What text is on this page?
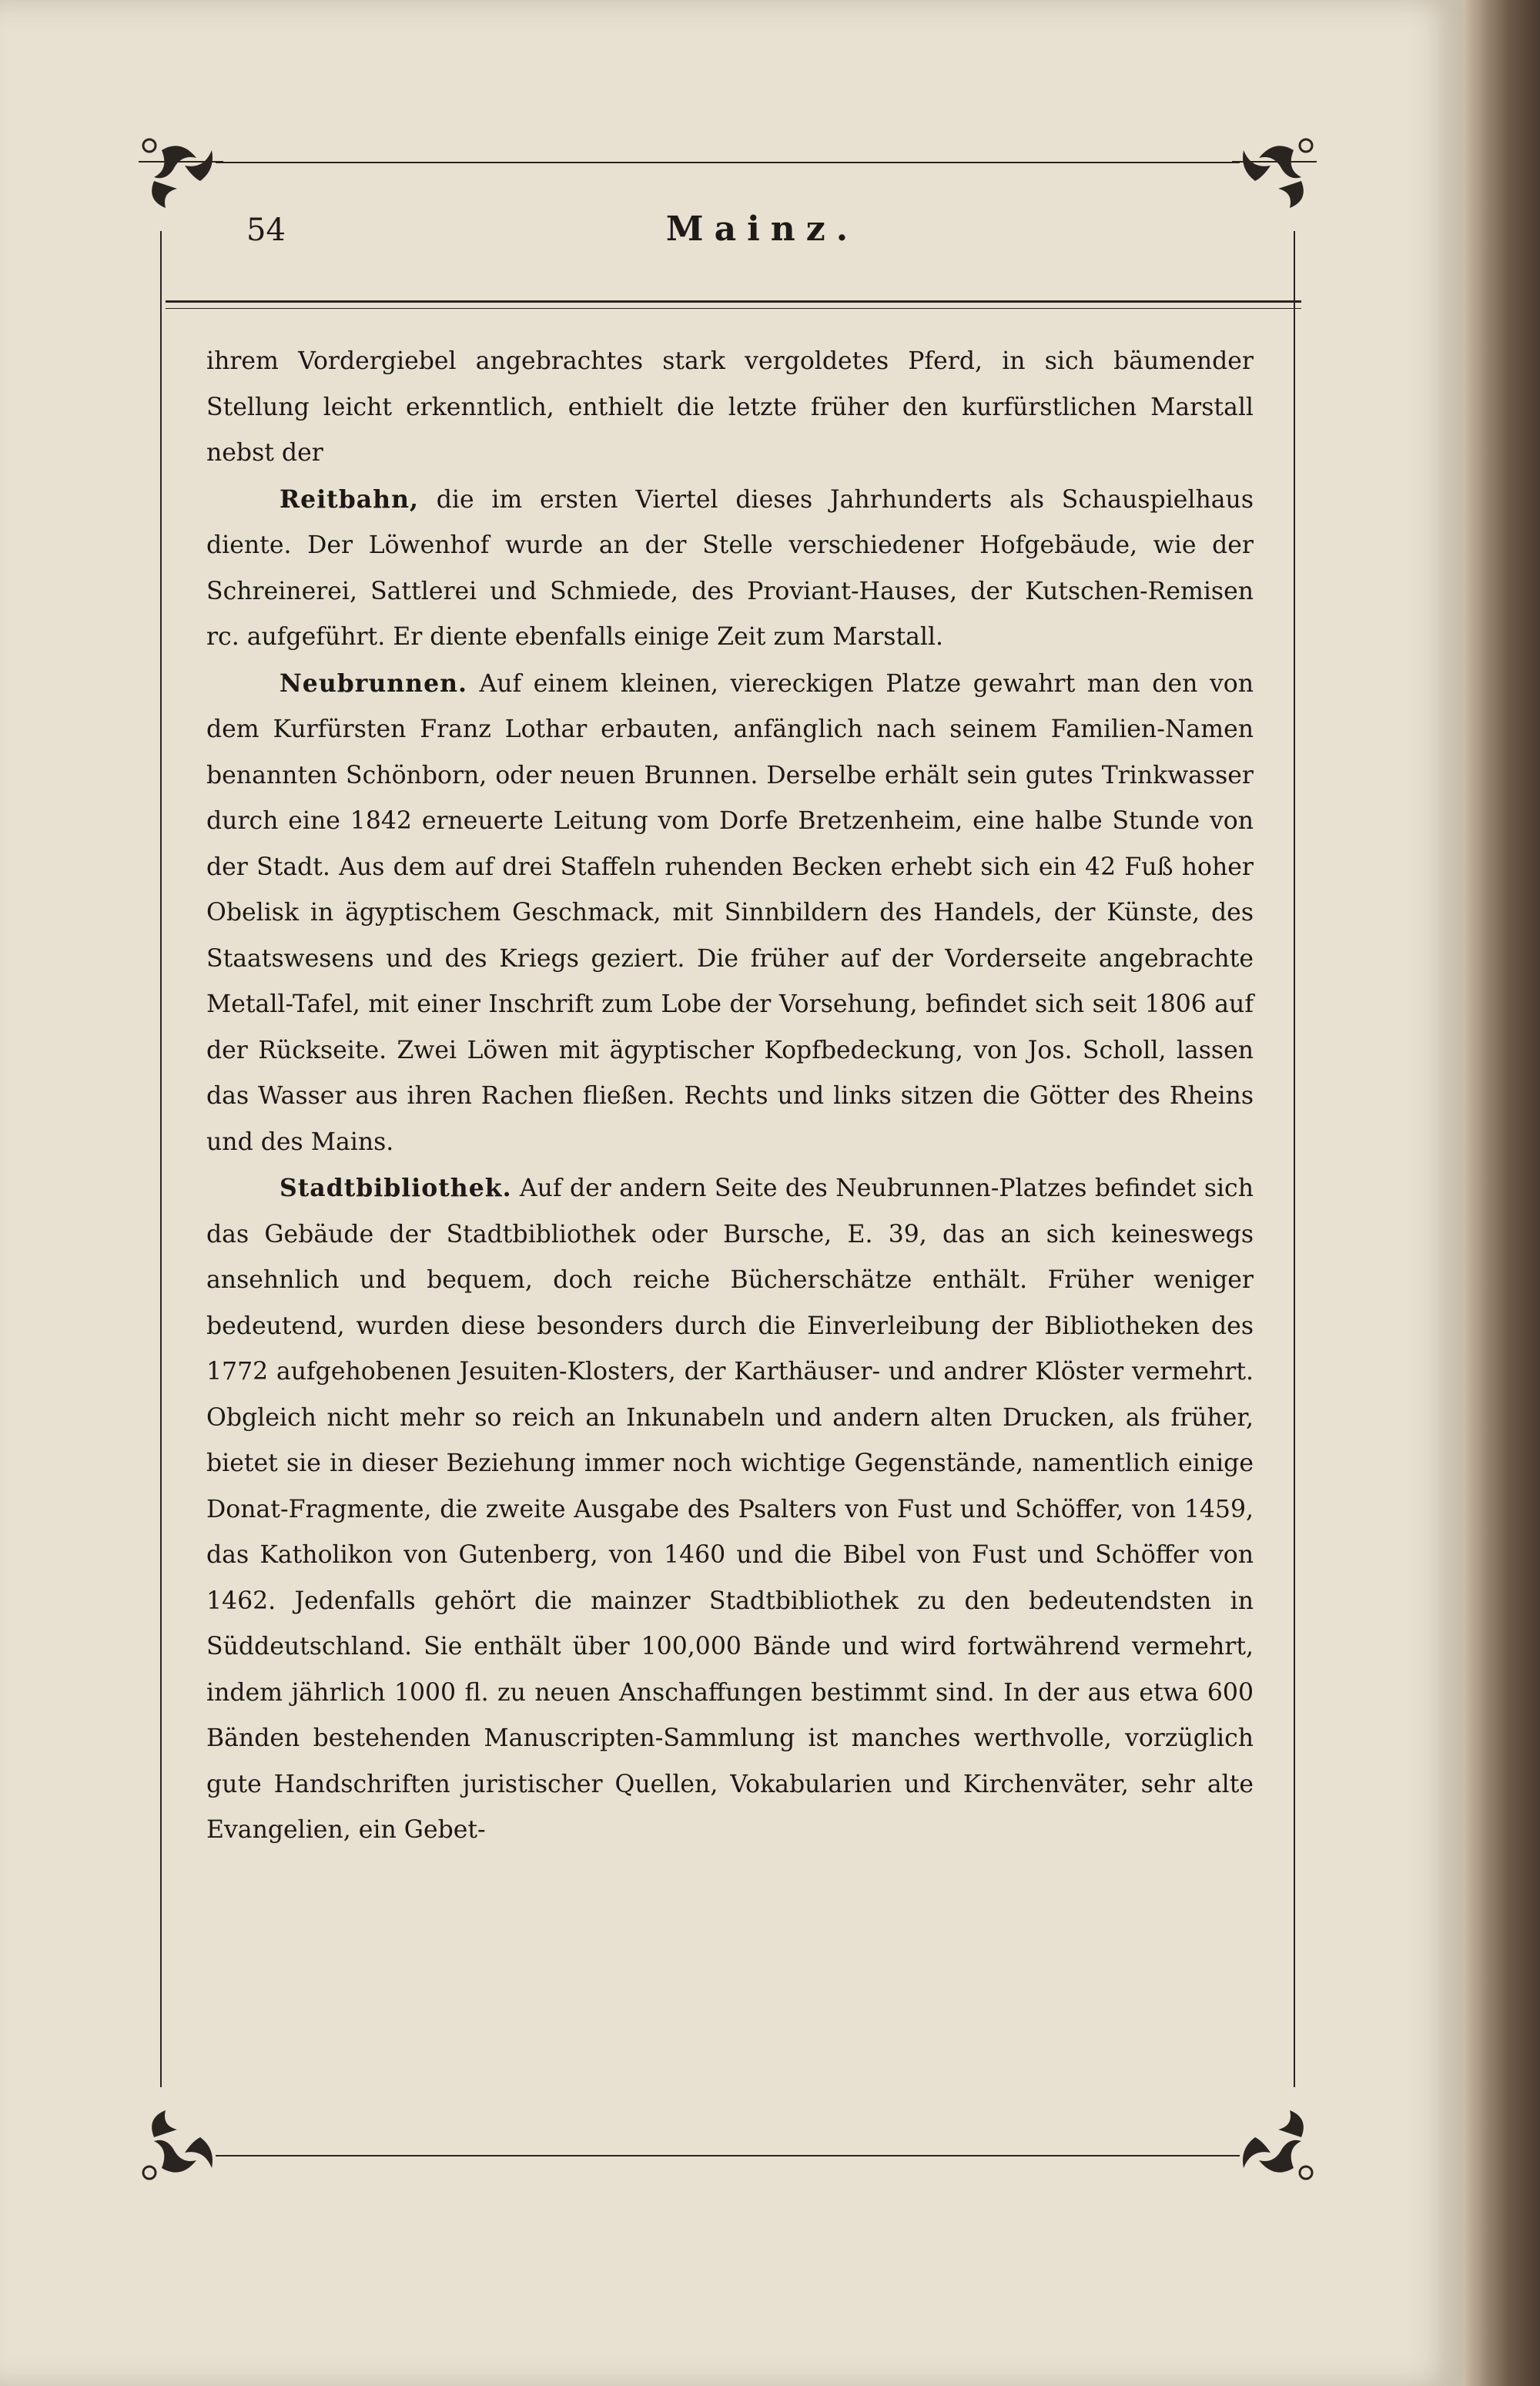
54	Mainz.

ihrem Vordergiebel angebrachtes stark vergoldetes Pferd, in sich bäumender Stellung leicht erkenntlich, enthielt die letzte früher den kurfürstlichen Marstall nebst der

Reitbahn, die im ersten Viertel dieses Jahrhunderts als Schauspielhaus diente. Der Löwenhof wurde an der Stelle verschiedener Hofgebäude, wie der Schreinerei, Sattlerei und Schmiede, des Proviant-Hauses, der Kutschen-Remisen rc. aufgeführt. Er diente ebenfalls einige Zeit zum Marstall.

Neubrunnen. Auf einem kleinen, viereckigen Platze gewahrt man den von dem Kurfürsten Franz Lothar erbauten, anfänglich nach seinem Familien-Namen benannten Schönborn, oder neuen Brunnen. Derselbe erhält sein gutes Trinkwasser durch eine 1842 erneuerte Leitung vom Dorfe Bretzenheim, eine halbe Stunde von der Stadt. Aus dem auf drei Staffeln ruhenden Becken erhebt sich ein 42 Fuß hoher Obelisk in ägyptischem Geschmack, mit Sinnbildern des Handels, der Künste, des Staatswesens und des Kriegs geziert. Die früher auf der Vorderseite angebrachte Metall-Tafel, mit einer Inschrift zum Lobe der Vorsehung, befindet sich seit 1806 auf der Rückseite. Zwei Löwen mit ägyptischer Kopfbedeckung, von Jos. Scholl, lassen das Wasser aus ihren Rachen fließen. Rechts und links sitzen die Götter des Rheins und des Mains.

Stadtbibliothek. Auf der andern Seite des Neubrunnen-Platzes befindet sich das Gebäude der Stadtbibliothek oder Bursche, E. 39, das an sich keineswegs ansehnlich und bequem, doch reiche Bücherschätze enthält. Früher weniger bedeutend, wurden diese besonders durch die Einverleibung der Bibliotheken des 1772 aufgehobenen Jesuiten-Klosters, der Karthäuser- und andrer Klöster vermehrt. Obgleich nicht mehr so reich an Inkunabeln und andern alten Drucken, als früher, bietet sie in dieser Beziehung immer noch wichtige Gegenstände, namentlich einige Donat-Fragmente, die zweite Ausgabe des Psalters von Fust und Schöffer, von 1459, das Katholikon von Gutenberg, von 1460 und die Bibel von Fust und Schöffer von 1462. Jedenfalls gehört die mainzer Stadtbibliothek zu den bedeutendsten in Süddeutschland. Sie enthält über 100,000 Bände und wird fortwährend vermehrt, indem jährlich 1000 fl. zu neuen Anschaffungen bestimmt sind. In der aus etwa 600 Bänden bestehenden Manuscripten-Sammlung ist manches werthvolle, vorzüglich gute Handschriften juristischer Quellen, Vokabularien und Kirchenväter, sehr alte Evangelien, ein Gebet-
